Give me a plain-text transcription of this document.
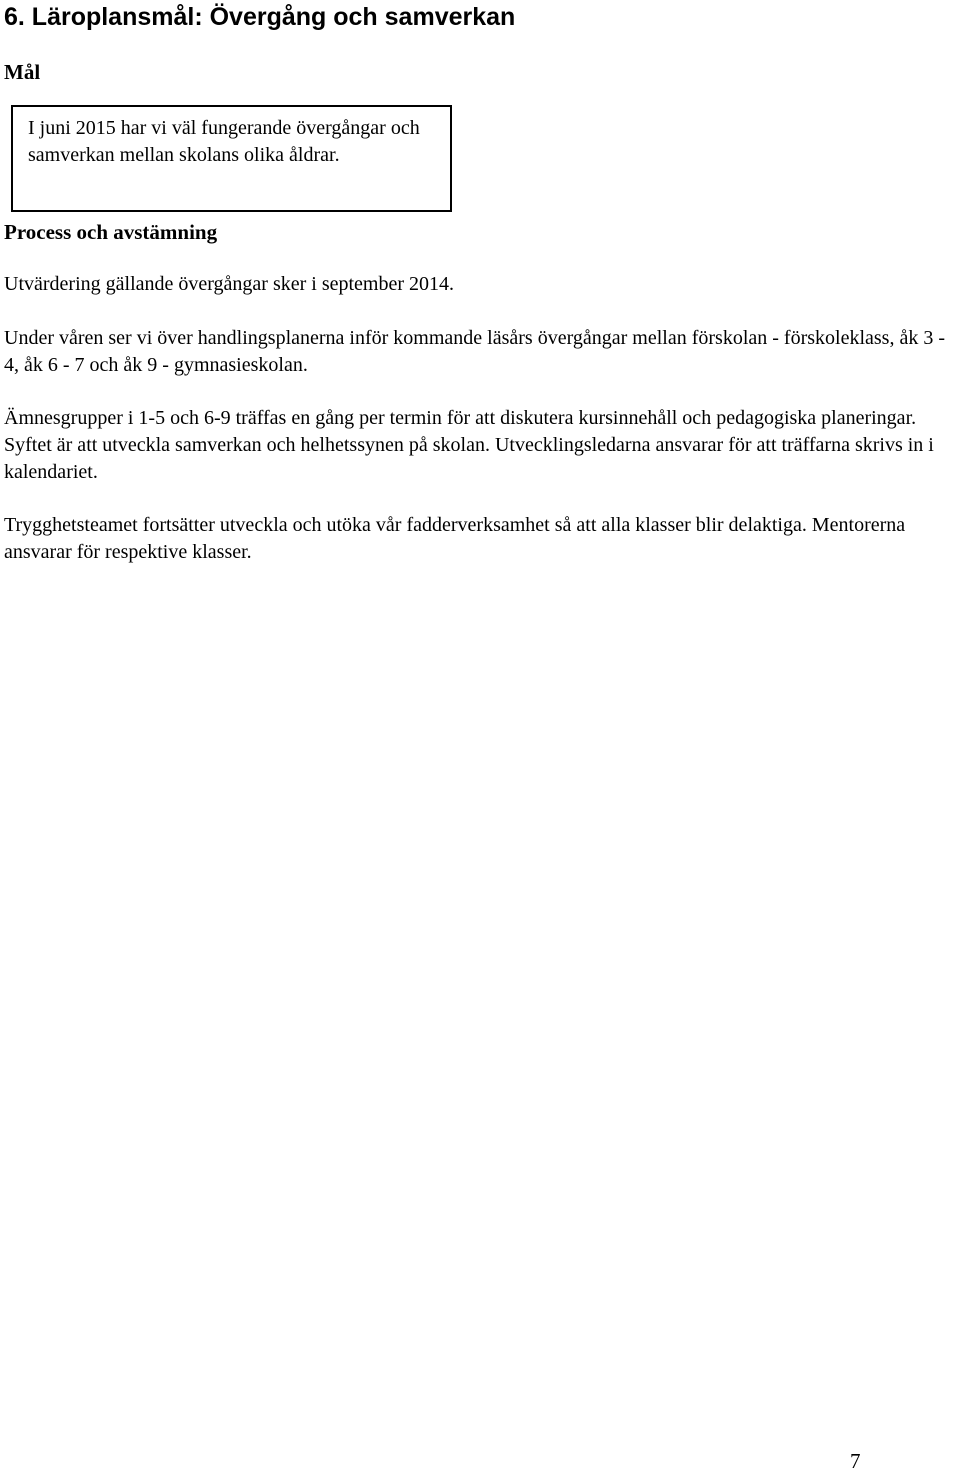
6. Läroplansmål: Övergång och samverkan
Mål
I juni 2015 har vi väl fungerande övergångar och samverkan mellan skolans olika åldrar.
Process och avstämning

Utvärdering gällande övergångar sker i september 2014.

Under våren ser vi över handlingsplanerna inför kommande läsårs övergångar mellan förskolan - förskoleklass, åk 3 - 4, åk 6 - 7 och åk 9 - gymnasieskolan.

Ämnesgrupper i 1-5 och 6-9 träffas en gång per termin för att diskutera kursinnehåll och pedagogiska planeringar. Syftet är att utveckla samverkan och helhetssynen på skolan. Utvecklingsledarna ansvarar för att träffarna skrivs in i kalendariet.

Trygghetsteamet fortsätter utveckla och utöka vår fadderverksamhet så att alla klasser blir delaktiga. Mentorerna ansvarar för respektive klasser.

7
